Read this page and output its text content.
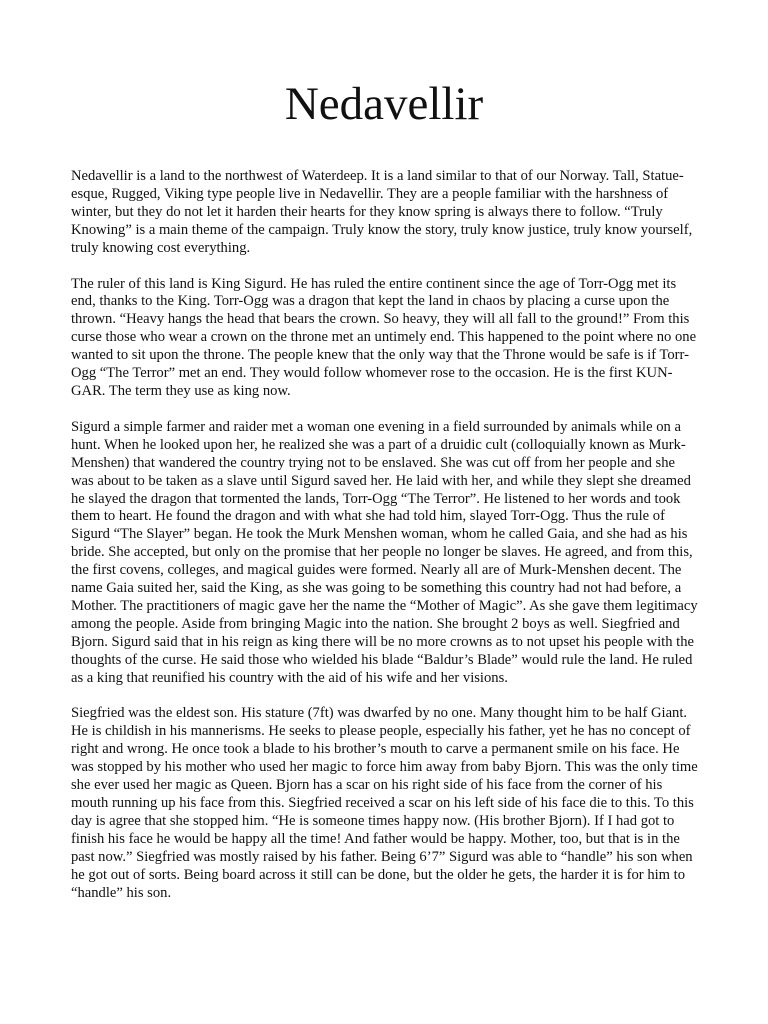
Nedavellir

Nedavellir is a land to the northwest of Waterdeep. It is a land similar to that of our Norway. Tall, Statue-esque, Rugged, Viking type people live in Nedavellir. They are a people familiar with the harshness of winter, but they do not let it harden their hearts for they know spring is always there to follow. “Truly Knowing” is a main theme of the campaign. Truly know the story, truly know justice, truly know yourself, truly knowing cost everything.

The ruler of this land is King Sigurd. He has ruled the entire continent since the age of Torr-Ogg met its end, thanks to the King. Torr-Ogg was a dragon that kept the land in chaos by placing a curse upon the thrown. “Heavy hangs the head that bears the crown. So heavy, they will all fall to the ground!” From this curse those who wear a crown on the throne met an untimely end. This happened to the point where no one wanted to sit upon the throne. The people knew that the only way that the Throne would be safe is if Torr-Ogg “The Terror” met an end. They would follow whomever rose to the occasion. He is the first KUN-GAR. The term they use as king now.

Sigurd a simple farmer and raider met a woman one evening in a field surrounded by animals while on a hunt. When he looked upon her, he realized she was a part of a druidic cult (colloquially known as Murk-Menshen) that wandered the country trying not to be enslaved. She was cut off from her people and she was about to be taken as a slave until Sigurd saved her. He laid with her, and while they slept she dreamed he slayed the dragon that tormented the lands, Torr-Ogg “The Terror”. He listened to her words and took them to heart. He found the dragon and with what she had told him, slayed Torr-Ogg. Thus the rule of Sigurd “The Slayer” began. He took the Murk Menshen woman, whom he called Gaia, and she had as his bride. She accepted, but only on the promise that her people no longer be slaves. He agreed, and from this, the first covens, colleges, and magical guides were formed. Nearly all are of Murk-Menshen decent. The name Gaia suited her, said the King, as she was going to be something this country had not had before, a Mother. The practitioners of magic gave her the name the “Mother of Magic”. As she gave them legitimacy among the people. Aside from bringing Magic into the nation. She brought 2 boys as well. Siegfried and Bjorn. Sigurd said that in his reign as king there will be no more crowns as to not upset his people with the thoughts of the curse. He said those who wielded his blade “Baldur’s Blade” would rule the land. He ruled as a king that reunified his country with the aid of his wife and her visions.

Siegfried was the eldest son. His stature (7ft) was dwarfed by no one. Many thought him to be half Giant. He is childish in his mannerisms. He seeks to please people, especially his father, yet he has no concept of right and wrong. He once took a blade to his brother’s mouth to carve a permanent smile on his face. He was stopped by his mother who used her magic to force him away from baby Bjorn. This was the only time she ever used her magic as Queen. Bjorn has a scar on his right side of his face from the corner of his mouth running up his face from this. Siegfried received a scar on his left side of his face die to this. To this day is agree that she stopped him. “He is someone times happy now. (His brother Bjorn). If I had got to finish his face he would be happy all the time! And father would be happy. Mother, too, but that is in the past now.” Siegfried was mostly raised by his father. Being 6’7” Sigurd was able to “handle” his son when he got out of sorts. Being board across it still can be done, but the older he gets, the harder it is for him to “handle” his son.
